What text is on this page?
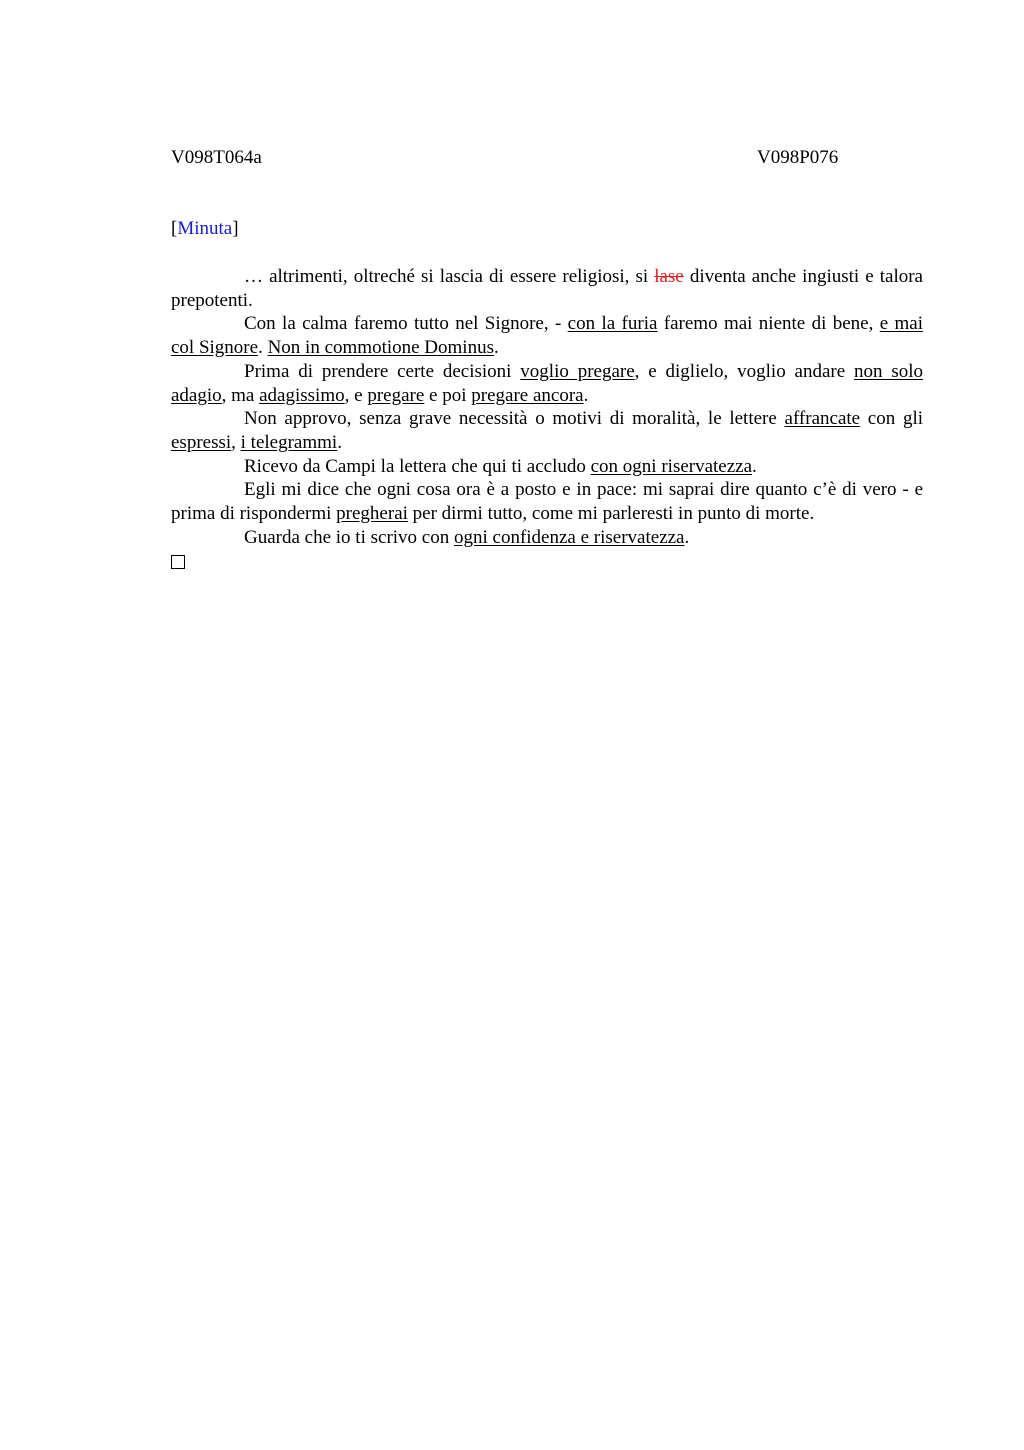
V098T064a	V098P076
[Minuta]

… altrimenti, oltreché si lascia di essere religiosi, si lase diventa anche ingiusti e talora prepotenti.

Con la calma faremo tutto nel Signore, - con la furia faremo mai niente di bene, e mai col Signore. Non in commotione Dominus.

Prima di prendere certe decisioni voglio pregare, e diglielo, voglio andare non solo adagio, ma adagissimo, e pregare e poi pregare ancora.

Non approvo, senza grave necessità o motivi di moralità, le lettere affrancate con gli espressi, i telegrammi.

Ricevo da Campi la lettera che qui ti accludo con ogni riservatezza.

Egli mi dice che ogni cosa ora è a posto e in pace: mi saprai dire quanto c’è di vero - e prima di rispondermi pregherai per dirmi tutto, come mi parleresti in punto di morte.

Guarda che io ti scrivo con ogni confidenza e riservatezza.
